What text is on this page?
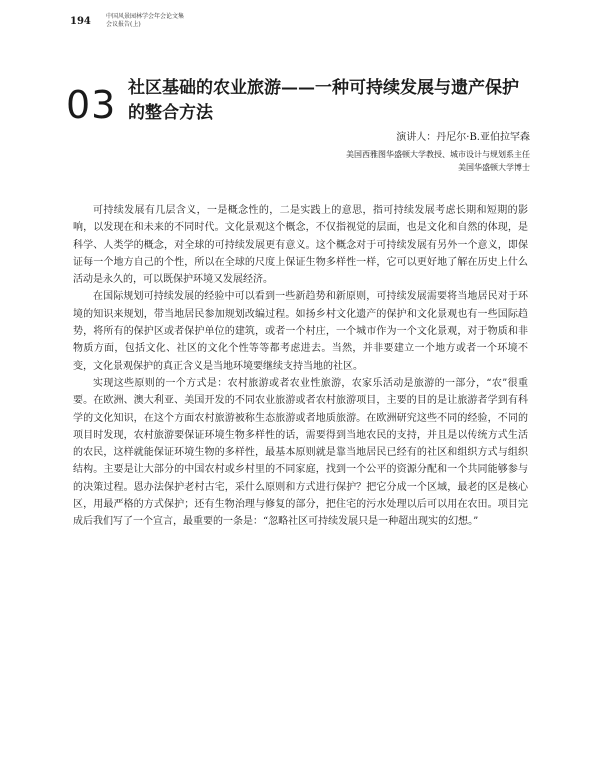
194	中国风景园林学会年会论文集
会议报告(上)
03 社区基础的农业旅游——一种可持续发展与遗产保护的整合方法
演讲人：丹尼尔·B.亚伯拉罕森
美国西雅图华盛顿大学教授、城市设计与规划系主任
美国华盛顿大学博士

可持续发展有几层含义，一是概念性的，二是实践上的意思，指可持续发展考虑长期和短期的影响，以发现在和未来的不同时代。文化景观这个概念，不仅指视觉的层面，也是文化和自然的体现，是科学、人类学的概念，对全球的可持续发展更有意义。这个概念对于可持续发展有另外一个意义，即保证每一个地方自己的个性，所以在全球的尺度上保证生物多样性一样，它可以更好地了解在历史上什么活动是永久的，可以既保护环境又发展经济。

在国际规划可持续发展的经验中可以看到一些新趋势和新原则，可持续发展需要将当地居民对于环境的知识来规划，带当地居民参加规划改编过程。如扬乡村文化遗产的保护和文化景观也有一些国际趋势，将所有的保护区或者保护单位的建筑，或者一个村庄，一个城市作为一个文化景观，对于物质和非物质方面，包括文化、社区的文化个性等等都考虑进去。当然，并非要建立一个地方或者一个环境不变，文化景观保护的真正含义是当地环境要继续支持当地的社区。

实现这些原则的一个方式是：农村旅游或者农业性旅游，农家乐活动是旅游的一部分，“农”很重要。在欧洲、澳大利亚、美国开发的不同农业旅游或者农村旅游项目，主要的目的是让旅游者学到有科学的文化知识，在这个方面农村旅游被称生态旅游或者地质旅游。在欧洲研究这些不同的经验，不同的项目时发现，农村旅游要保证环境生物多样性的话，需要得到当地农民的支持，并且是以传统方式生活的农民，这样就能保证环境生物的多样性，最基本原则就是靠当地居民已经有的社区和组织方式与组织结构。主要是让大部分的中国农村或乡村里的不同家庭，找到一个公平的资源分配和一个共同能够参与的决策过程。恩办法保护老村古宅，采什么原则和方式进行保护？把它分成一个区域，最老的区是核心区，用最严格的方式保护；还有生物治理与修复的部分，把住宅的污水处理以后可以用在农田。项目完成后我们写了一个宣言，最重要的一条是：“忽略社区可持续发展只是一种超出现实的幻想。”
